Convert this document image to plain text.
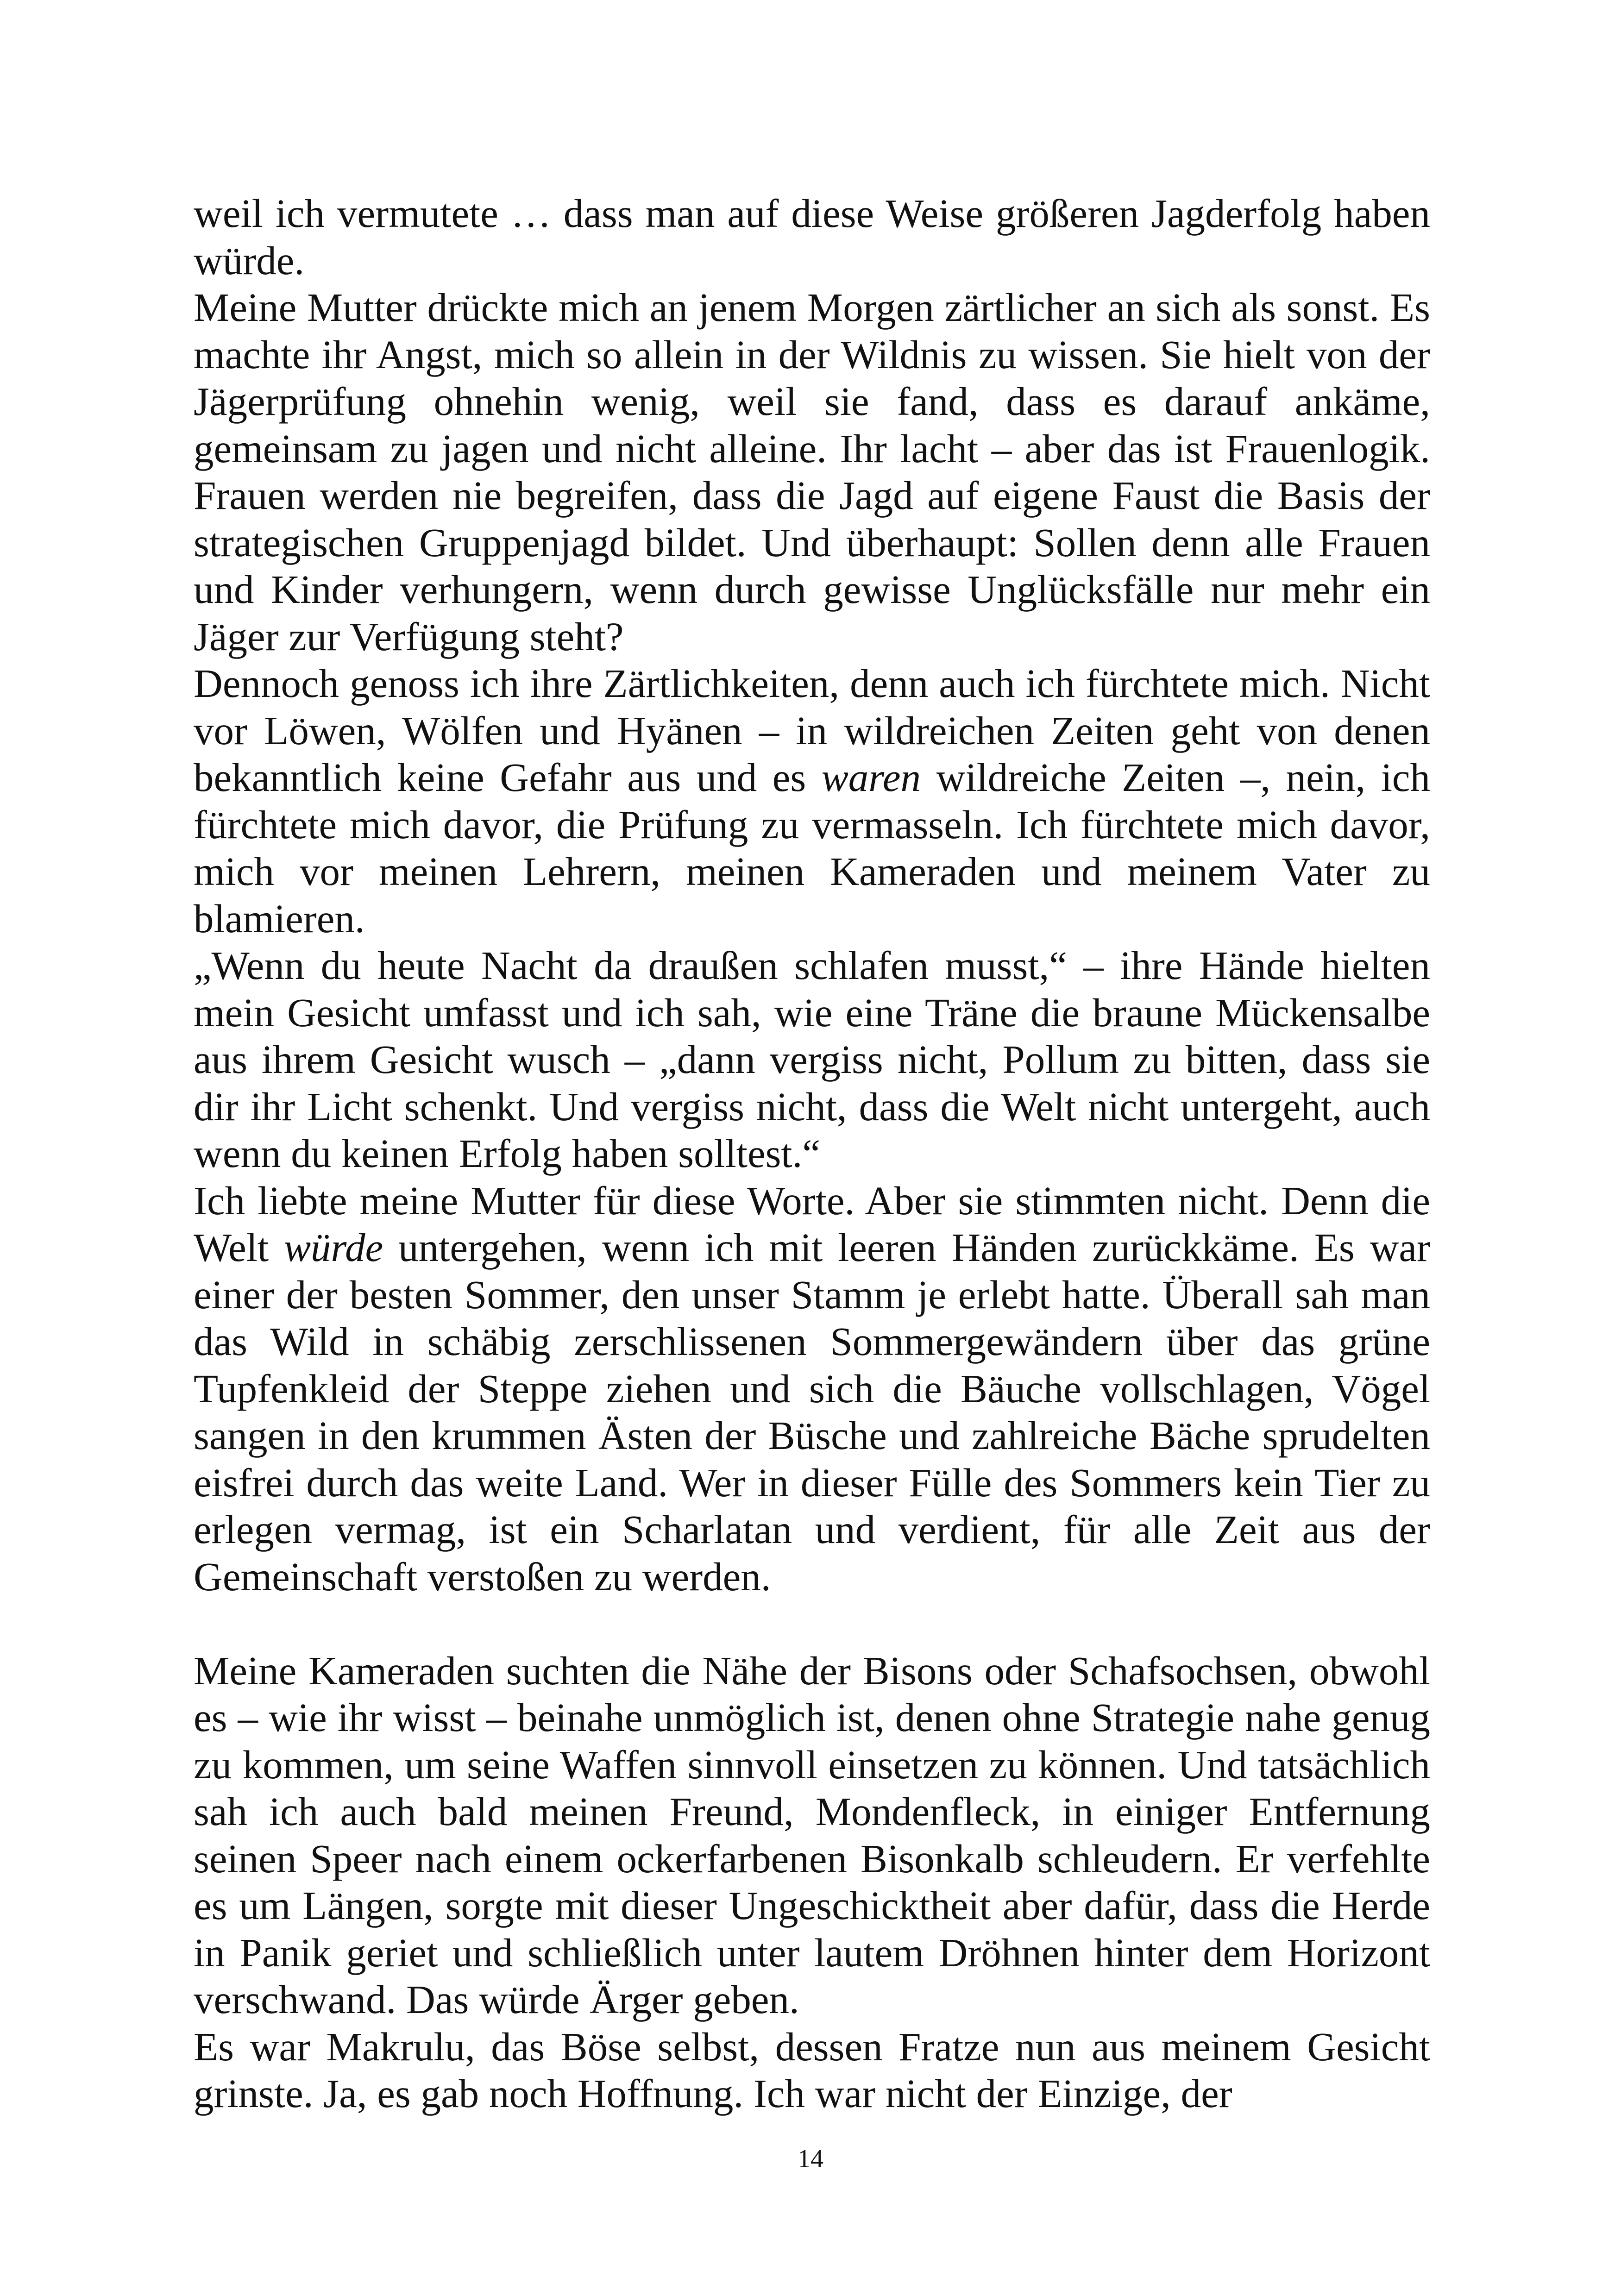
weil ich vermutete … dass man auf diese Weise größeren Jagderfolg haben würde.

Meine Mutter drückte mich an jenem Morgen zärtlicher an sich als sonst. Es machte ihr Angst, mich so allein in der Wildnis zu wissen. Sie hielt von der Jägerprüfung ohnehin wenig, weil sie fand, dass es darauf ankäme, gemeinsam zu jagen und nicht alleine. Ihr lacht – aber das ist Frauenlogik. Frauen werden nie begreifen, dass die Jagd auf eigene Faust die Basis der strategischen Gruppenjagd bildet. Und überhaupt: Sollen denn alle Frauen und Kinder verhungern, wenn durch gewisse Unglücksfälle nur mehr ein Jäger zur Verfügung steht?

Dennoch genoss ich ihre Zärtlichkeiten, denn auch ich fürchtete mich. Nicht vor Löwen, Wölfen und Hyänen – in wildreichen Zeiten geht von denen bekanntlich keine Gefahr aus und es waren wildreiche Zeiten –, nein, ich fürchtete mich davor, die Prüfung zu vermasseln. Ich fürchtete mich davor, mich vor meinen Lehrern, meinen Kameraden und meinem Vater zu blamieren.

„Wenn du heute Nacht da draußen schlafen musst,“ – ihre Hände hielten mein Gesicht umfasst und ich sah, wie eine Träne die braune Mückensalbe aus ihrem Gesicht wusch – „dann vergiss nicht, Pollum zu bitten, dass sie dir ihr Licht schenkt. Und vergiss nicht, dass die Welt nicht untergeht, auch wenn du keinen Erfolg haben solltest.“

Ich liebte meine Mutter für diese Worte. Aber sie stimmten nicht. Denn die Welt würde untergehen, wenn ich mit leeren Händen zurückkäme. Es war einer der besten Sommer, den unser Stamm je erlebt hatte. Überall sah man das Wild in schäbig zerschlissenen Sommergewändern über das grüne Tupfenkleid der Steppe ziehen und sich die Bäuche vollschlagen, Vögel sangen in den krummen Ästen der Büsche und zahlreiche Bäche sprudelten eisfrei durch das weite Land. Wer in dieser Fülle des Sommers kein Tier zu erlegen vermag, ist ein Scharlatan und verdient, für alle Zeit aus der Gemeinschaft verstoßen zu werden.

Meine Kameraden suchten die Nähe der Bisons oder Schafsochsen, obwohl es – wie ihr wisst – beinahe unmöglich ist, denen ohne Strategie nahe genug zu kommen, um seine Waffen sinnvoll einsetzen zu können. Und tatsächlich sah ich auch bald meinen Freund, Mondenfleck, in einiger Entfernung seinen Speer nach einem ockerfarbenen Bisonkalb schleudern. Er verfehlte es um Längen, sorgte mit dieser Ungeschicktheit aber dafür, dass die Herde in Panik geriet und schließlich unter lautem Dröhnen hinter dem Horizont verschwand. Das würde Ärger geben.

Es war Makrulu, das Böse selbst, dessen Fratze nun aus meinem Gesicht grinste. Ja, es gab noch Hoffnung. Ich war nicht der Einzige, der

14
